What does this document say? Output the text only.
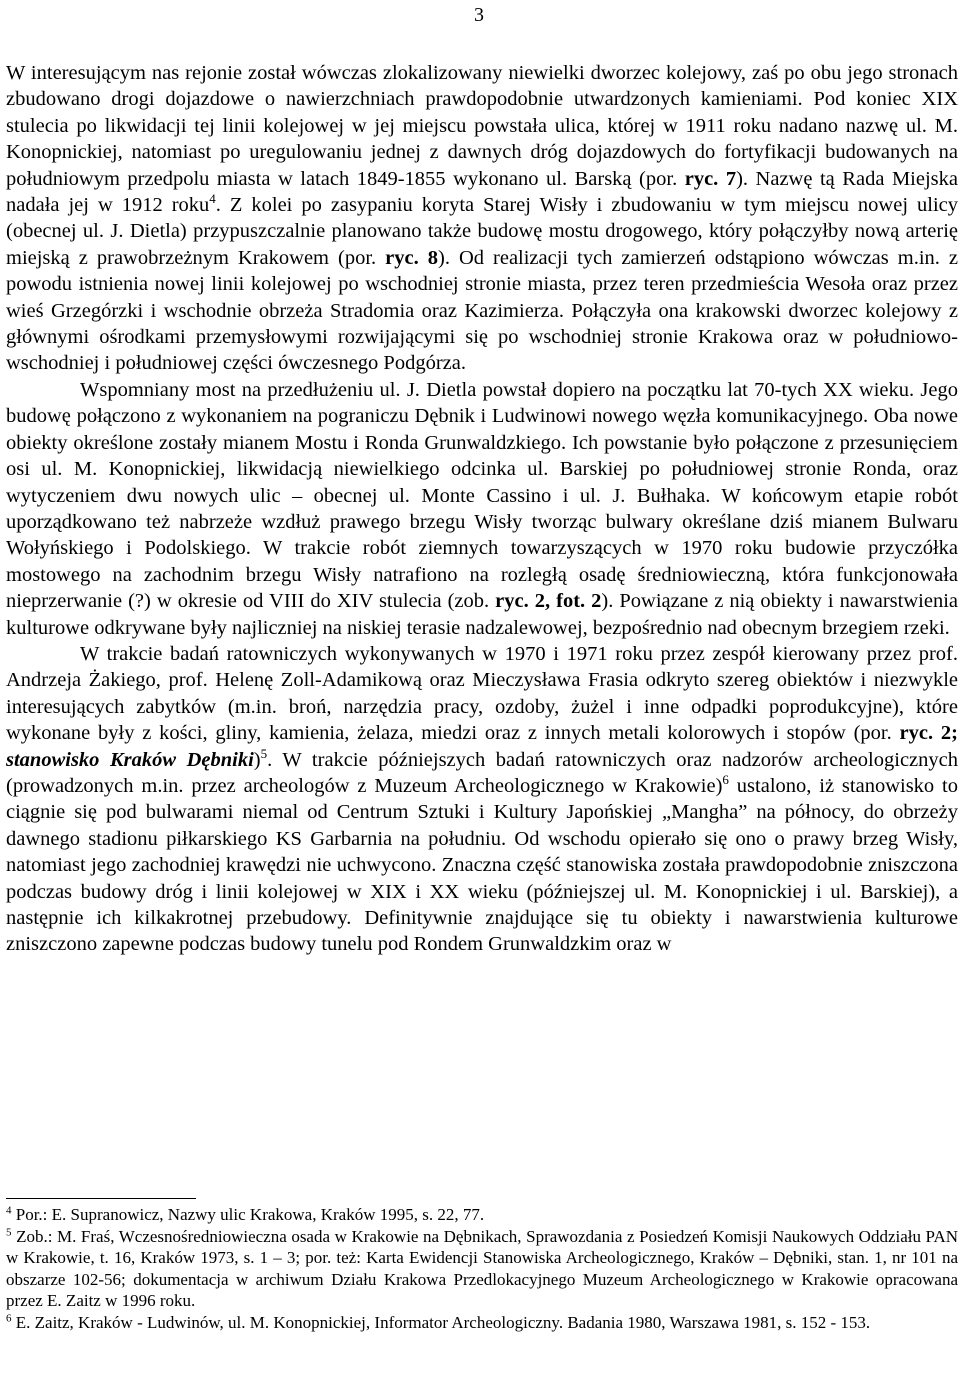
3

W interesującym nas rejonie został wówczas zlokalizowany niewielki dworzec kolejowy, zaś po obu jego stronach zbudowano drogi dojazdowe o nawierzchniach prawdopodobnie utwardzonych kamieniami. Pod koniec XIX stulecia po likwidacji tej linii kolejowej w jej miejscu powstała ulica, której w 1911 roku nadano nazwę ul. M. Konopnickiej, natomiast po uregulowaniu jednej z dawnych dróg dojazdowych do fortyfikacji budowanych na południowym przedpolu miasta w latach 1849-1855 wykonano ul. Barską (por. ryc. 7). Nazwę tą Rada Miejska nadała jej w 1912 roku$^4$. Z kolei po zasypaniu koryta Starej Wisły i zbudowaniu w tym miejscu nowej ulicy (obecnej ul. J. Dietla) przypuszczalnie planowano także budowę mostu drogowego, który połączyłby nową arterię miejską z prawobrzeżnym Krakowem (por. ryc. 8). Od realizacji tych zamierzeń odstąpiono wówczas m.in. z powodu istnienia nowej linii kolejowej po wschodniej stronie miasta, przez teren przedmieścia Wesoła oraz przez wieś Grzegórzki i wschodnie obrzeża Stradomia oraz Kazimierza. Połączyła ona krakowski dworzec kolejowy z głównymi ośrodkami przemysłowymi rozwijającymi się po wschodniej stronie Krakowa oraz w południowo-wschodniej i południowej części ówczesnego Podgórza.

Wspomniany most na przedłużeniu ul. J. Dietla powstał dopiero na początku lat 70-tych XX wieku. Jego budowę połączono z wykonaniem na pograniczu Dębnik i Ludwinowi nowego węzła komunikacyjnego. Oba nowe obiekty określone zostały mianem Mostu i Ronda Grunwaldzkiego. Ich powstanie było połączone z przesunięciem osi ul. M. Konopnickiej, likwidacją niewielkiego odcinka ul. Barskiej po południowej stronie Ronda, oraz wytyczeniem dwu nowych ulic – obecnej ul. Monte Cassino i ul. J. Bułhaka. W końcowym etapie robót uporządkowano też nabrzeże wzdłuż prawego brzegu Wisły tworząc bulwary określane dziś mianem Bulwaru Wołyńskiego i Podolskiego. W trakcie robót ziemnych towarzyszących w 1970 roku budowie przyczółka mostowego na zachodnim brzegu Wisły natrafiono na rozległą osadę średniowieczną, która funkcjonowała nieprzerwanie (?) w okresie od VIII do XIV stulecia (zob. ryc. 2, fot. 2). Powiązane z nią obiekty i nawarstwienia kulturowe odkrywane były najliczniej na niskiej terasie nadzalewowej, bezpośrednio nad obecnym brzegiem rzeki.

W trakcie badań ratowniczych wykonywanych w 1970 i 1971 roku przez zespół kierowany przez prof. Andrzeja Żakiego, prof. Helenę Zoll-Adamikową oraz Mieczysława Frasia odkryto szereg obiektów i niezwykle interesujących zabytków (m.in. broń, narzędzia pracy, ozdoby, żużel i inne odpadki poprodukcyjne), które wykonane były z kości, gliny, kamienia, żelaza, miedzi oraz z innych metali kolorowych i stopów (por. ryc. 2; stanowisko Kraków Dębniki)$^5$. W trakcie późniejszych badań ratowniczych oraz nadzorów archeologicznych (prowadzonych m.in. przez archeologów z Muzeum Archeologicznego w Krakowie)$^6$ ustalono, iż stanowisko to ciągnie się pod bulwarami niemal od Centrum Sztuki i Kultury Japońskiej „Mangha” na północy, do obrzeży dawnego stadionu piłkarskiego KS Garbarnia na południu. Od wschodu opierało się ono o prawy brzeg Wisły, natomiast jego zachodniej krawędzi nie uchwycono. Znaczna część stanowiska została prawdopodobnie zniszczona podczas budowy dróg i linii kolejowej w XIX i XX wieku (późniejszej ul. M. Konopnickiej i ul. Barskiej), a następnie ich kilkakrotnej przebudowy. Definitywnie znajdujące się tu obiekty i nawarstwienia kulturowe zniszczono zapewne podczas budowy tunelu pod Rondem Grunwaldzkim oraz w

$^4$ Por.: E. Supranowicz, Nazwy ulic Krakowa, Kraków 1995, s. 22, 77.

$^5$ Zob.: M. Fraś, Wczesnośredniowieczna osada w Krakowie na Dębnikach, Sprawozdania z Posiedzeń Komisji Naukowych Oddziału PAN w Krakowie, t. 16, Kraków 1973, s. 1 – 3; por. też: Karta Ewidencji Stanowiska Archeologicznego, Kraków – Dębniki, stan. 1, nr 101 na obszarze 102-56; dokumentacja w archiwum Działu Krakowa Przedlokacyjnego Muzeum Archeologicznego w Krakowie opracowana przez E. Zaitz w 1996 roku.

$^6$ E. Zaitz, Kraków - Ludwinów, ul. M. Konopnickiej, Informator Archeologiczny. Badania 1980, Warszawa 1981, s. 152 - 153.
